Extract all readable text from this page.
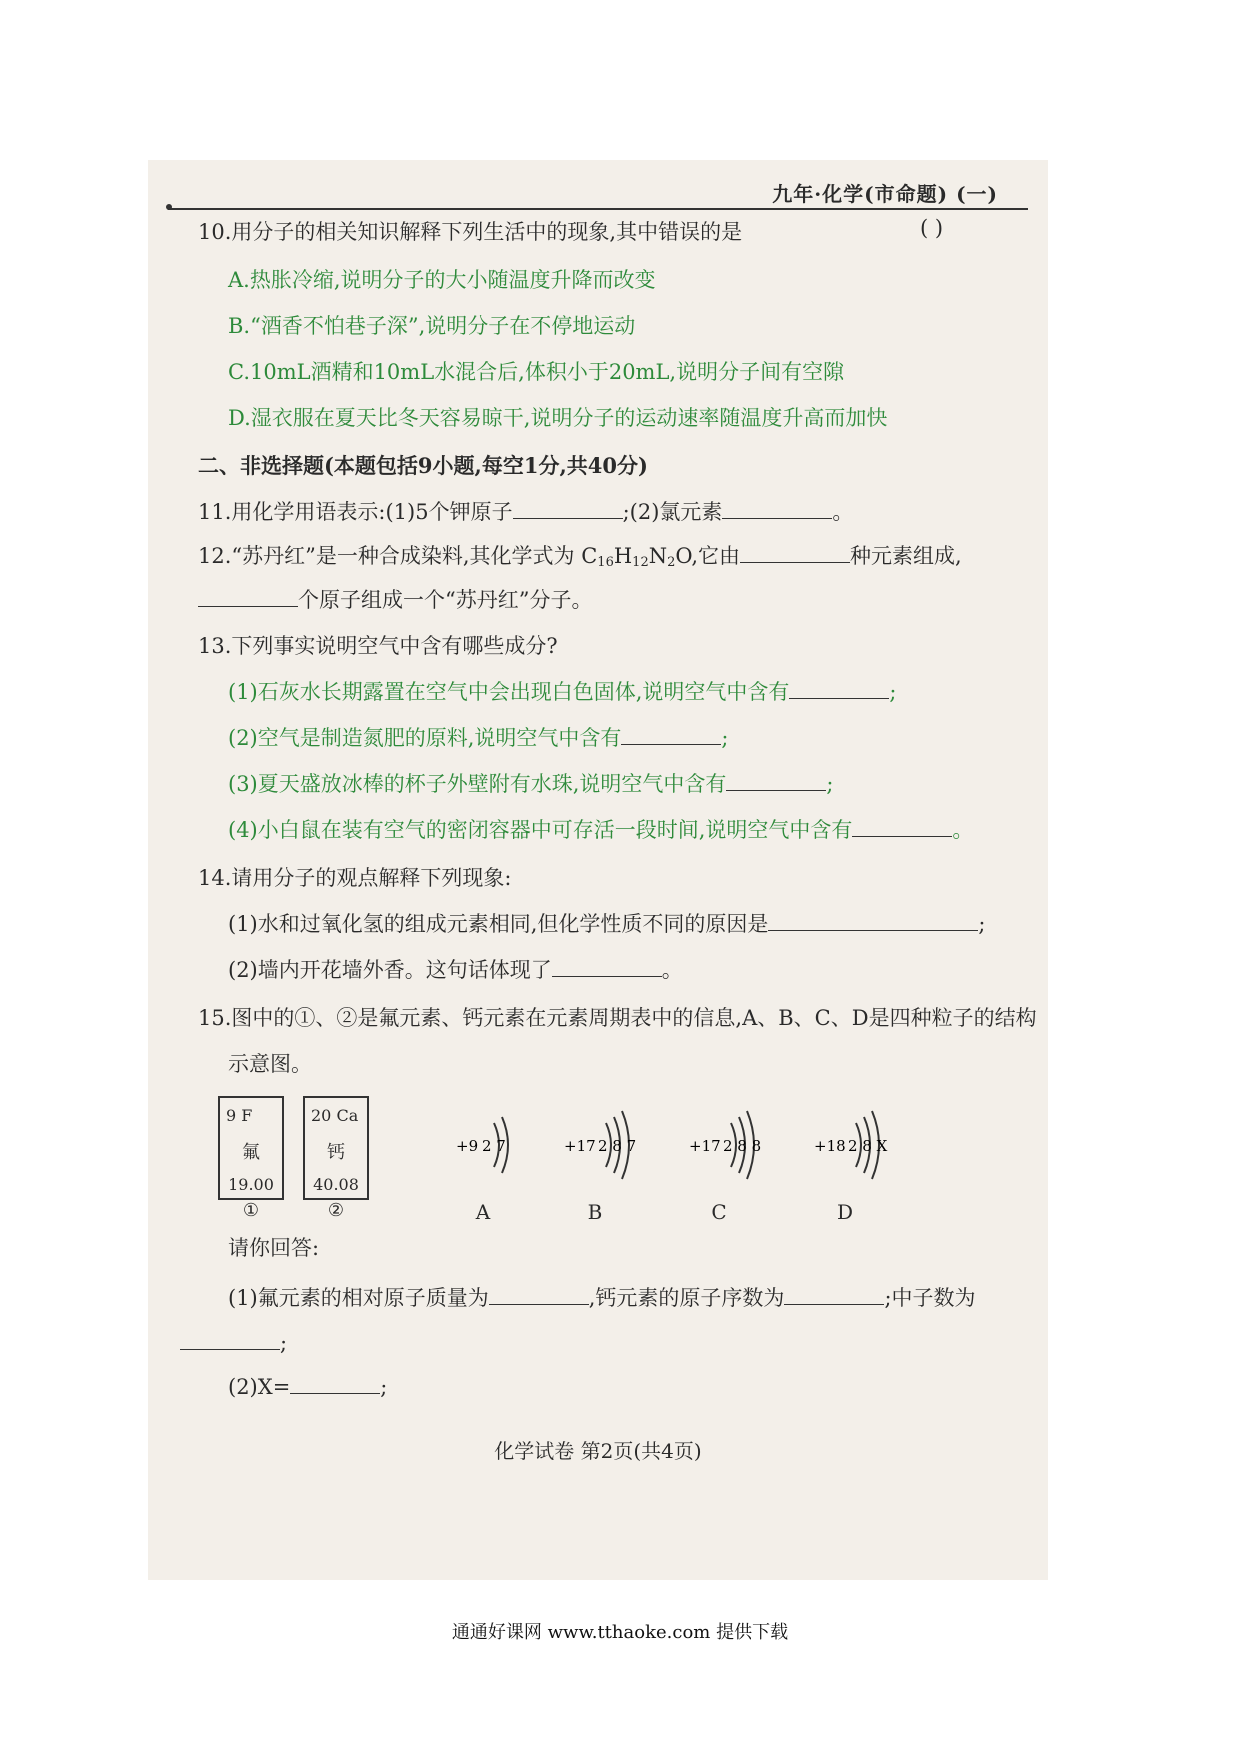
九年·化学(市命题) (一)
10.用分子的相关知识解释下列生活中的现象,其中错误的是	( )
A.热胀冷缩,说明分子的大小随温度升降而改变
B.“酒香不怕巷子深”,说明分子在不停地运动
C.10mL酒精和10mL水混合后,体积小于20mL,说明分子间有空隙
D.湿衣服在夏天比冬天容易晾干,说明分子的运动速率随温度升高而加快
二、非选择题(本题包括9小题,每空1分,共40分)
11.用化学用语表示:(1)5个钾原子	;(2)氯元素	。
12.“苏丹红”是一种合成染料,其化学式为 $C_{16}H_{12}N_2O$,它由	种元素组成,
个原子组成一个“苏丹红”分子。
13.下列事实说明空气中含有哪些成分?
(1)石灰水长期露置在空气中会出现白色固体,说明空气中含有	;
(2)空气是制造氮肥的原料,说明空气中含有	;
(3)夏天盛放冰棒的杯子外壁附有水珠,说明空气中含有	;
(4)小白鼠在装有空气的密闭容器中可存活一段时间,说明空气中含有	。
14.请用分子的观点解释下列现象:
(1)水和过氧化氢的组成元素相同,但化学性质不同的原因是	;
(2)墙内开花墙外香。这句话体现了	。
15.图中的①、②是氟元素、钙元素在元素周期表中的信息,A、B、C、D是四种粒子的结构
示意图。
9 F
氟
19.00
①
20 Ca
钙
40.08
②
+9 2 7
A
+17 2 8 7
B
+17 2 8 8
C
+18 2 8 X
D
请你回答:
(1)氟元素的相对原子质量为	,钙元素的原子序数为	;中子数为
;
(2)X=	;
化学试卷 第2页(共4页)
通通好课网 www.tthaoke.com 提供下载
